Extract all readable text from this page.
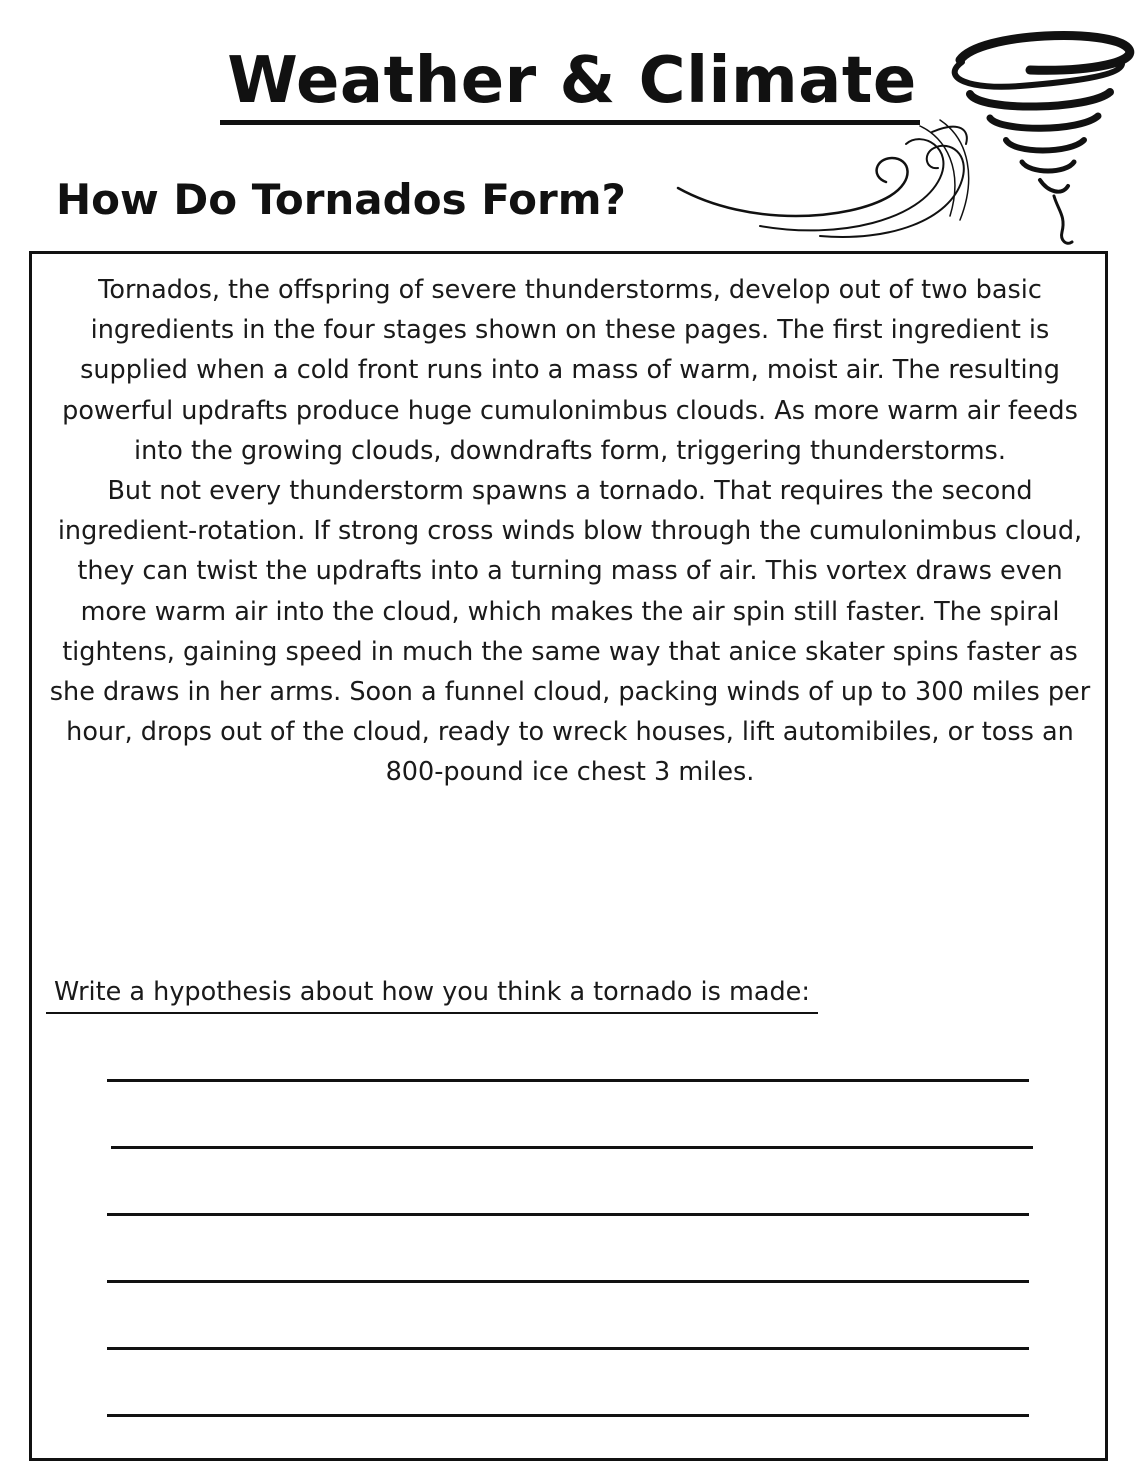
Weather & Climate
How Do Tornados Form?

Tornados, the offspring of severe thunderstorms, develop out of two basic ingredients in the four stages shown on these pages. The first ingredient is supplied when a cold front runs into a mass of warm, moist air. The resulting powerful updrafts produce huge cumulonimbus clouds. As more warm air feeds into the growing clouds, downdrafts form, triggering thunderstorms.

But not every thunderstorm spawns a tornado. That requires the second ingredient-rotation. If strong cross winds blow through the cumulonimbus cloud, they can twist the updrafts into a turning mass of air. This vortex draws even more warm air into the cloud, which makes the air spin still faster. The spiral tightens, gaining speed in much the same way that anice skater spins faster as she draws in her arms. Soon a funnel cloud, packing winds of up to 300 miles per hour, drops out of the cloud, ready to wreck houses, lift automibiles, or toss an 800-pound ice chest 3 miles.

Write a hypothesis about how you think a tornado is made:
